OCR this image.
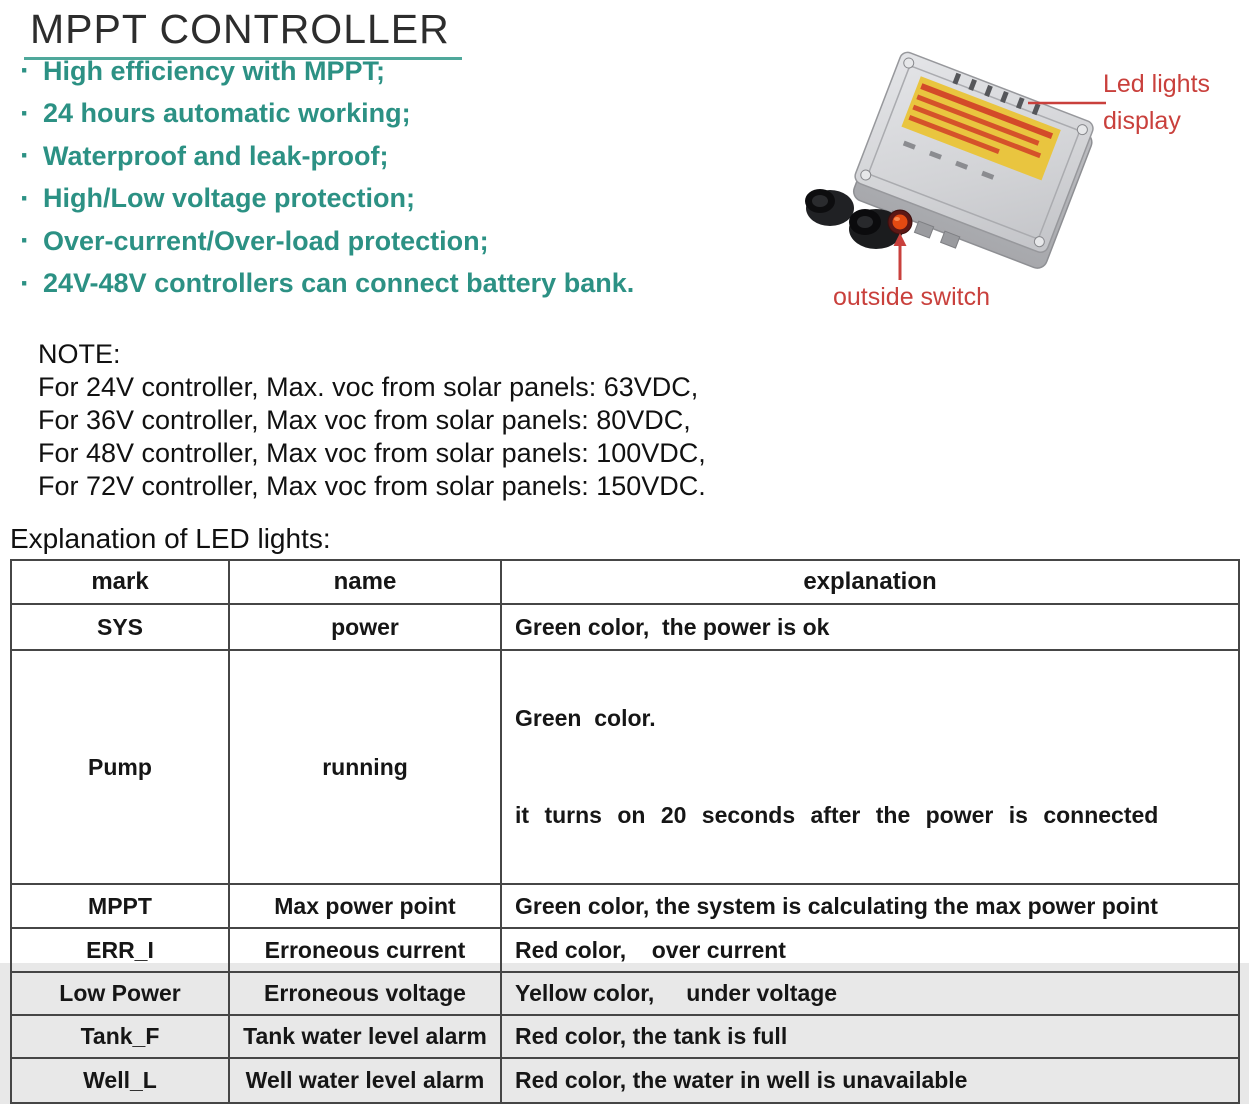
MPPT CONTROLLER
· High efficiency with MPPT;
· 24 hours automatic working;
· Waterproof and leak-proof;
· High/Low voltage protection;
· Over-current/Over-load protection;
· 24V-48V controllers can connect battery bank.
Led lights
display
outside switch
NOTE:
For 24V controller, Max. voc from solar panels: 63VDC,
For 36V controller, Max voc from solar panels: 80VDC,
For 48V controller, Max voc from solar panels: 100VDC,
For 72V controller, Max voc from solar panels: 150VDC.
Explanation of LED lights:
mark	name	explanation
SYS	power	Green color,  the power is ok
Pump	running	Green  color.

it turns on 20 seconds after the power is connected

MPPT	Max power point	Green color, the system is calculating the max power point
ERR_I	Erroneous current	Red color,    over current
Low Power	Erroneous voltage	Yellow color,     under voltage
Tank_F	Tank water level alarm	Red color, the tank is full
Well_L	Well water level alarm	Red color, the water in well is unavailable
